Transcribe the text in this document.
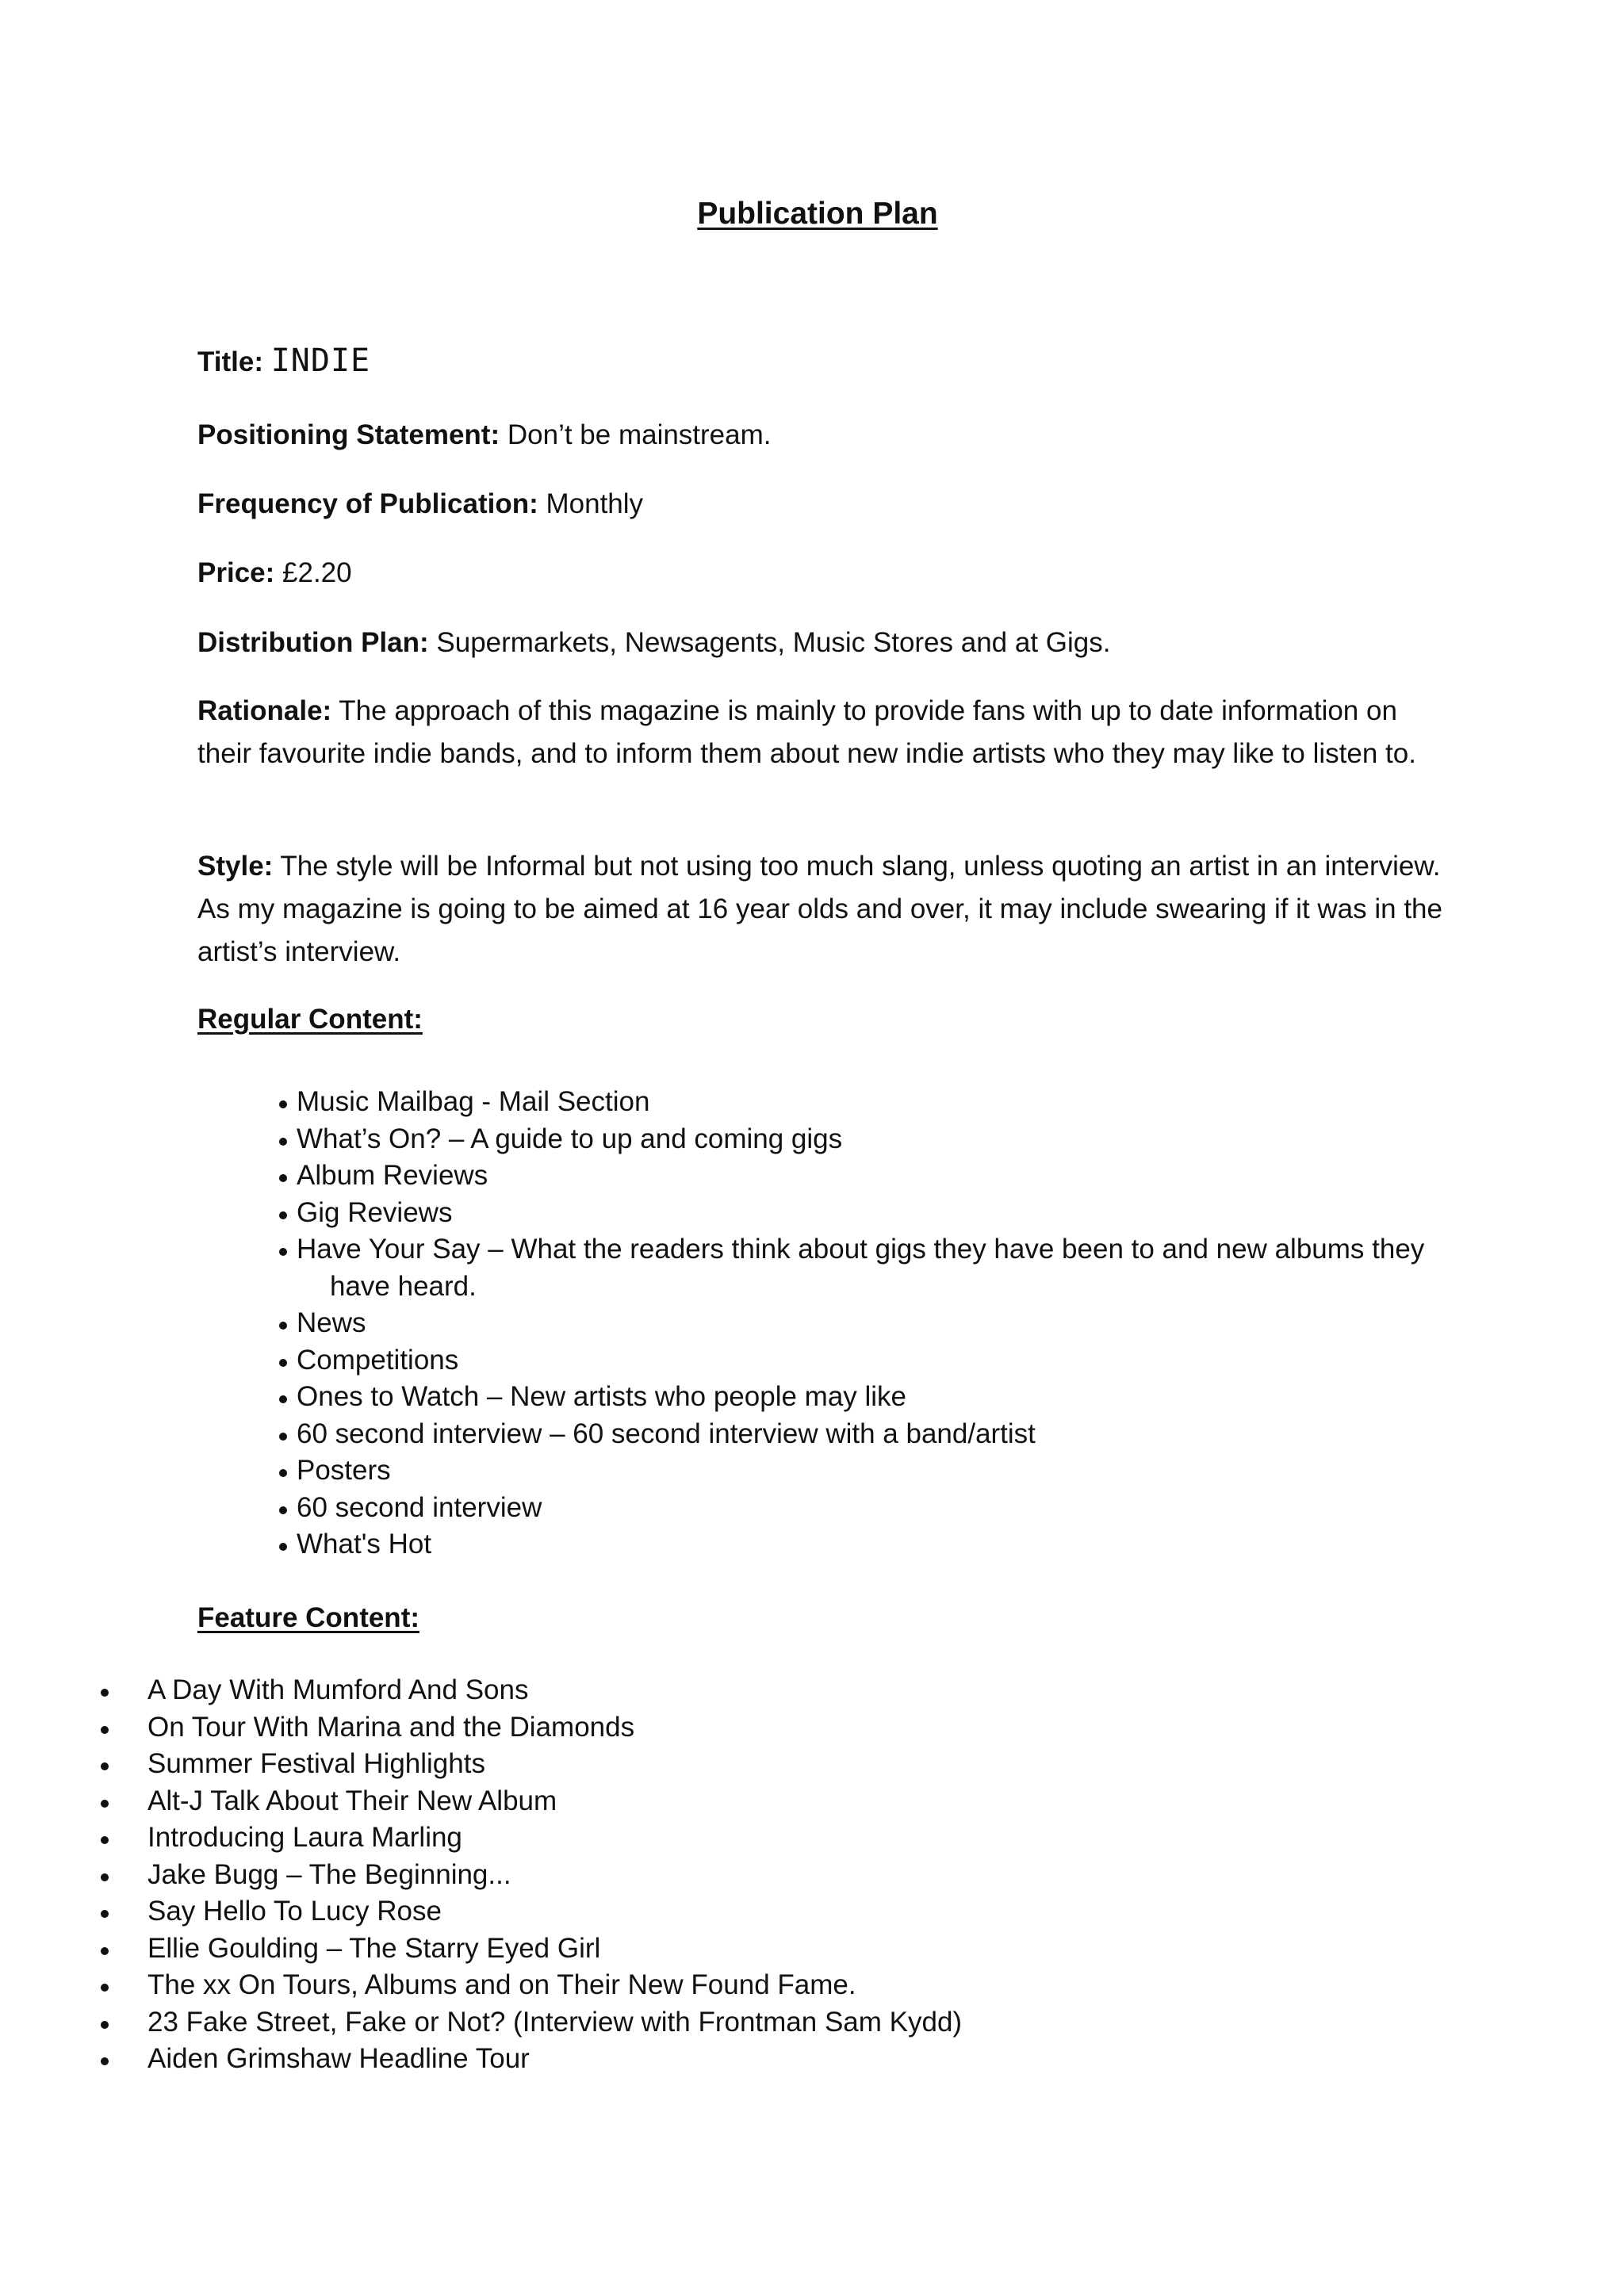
Publication Plan
Title: INDIE
Positioning Statement: Don’t be mainstream.
Frequency of Publication: Monthly
Price: £2.20
Distribution Plan: Supermarkets, Newsagents, Music Stores and at Gigs.
Rationale: The approach of this magazine is mainly to provide fans with up to date information on their favourite indie bands, and to inform them about new indie artists who they may like to listen to.
Style: The style will be Informal but not using too much slang, unless quoting an artist in an interview. As my magazine is going to be aimed at 16 year olds and over, it may include swearing if it was in the artist’s interview.
Regular Content:
Music Mailbag - Mail Section
What’s On? – A guide to up and coming gigs
Album Reviews
Gig Reviews
Have Your Say – What the readers think about gigs they have been to and new albums they
have heard.
News
Competitions
Ones to Watch – New artists who people may like
60 second interview – 60 second interview with a band/artist
Posters
60 second interview
What's Hot
Feature Content:
A Day With Mumford And Sons
On Tour With Marina and the Diamonds
Summer Festival Highlights
Alt-J Talk About Their New Album
Introducing Laura Marling
Jake Bugg – The Beginning...
Say Hello To Lucy Rose
Ellie Goulding – The Starry Eyed Girl
The xx On Tours, Albums and on Their New Found Fame.
23 Fake Street, Fake or Not? (Interview with Frontman Sam Kydd)
Aiden Grimshaw Headline Tour
